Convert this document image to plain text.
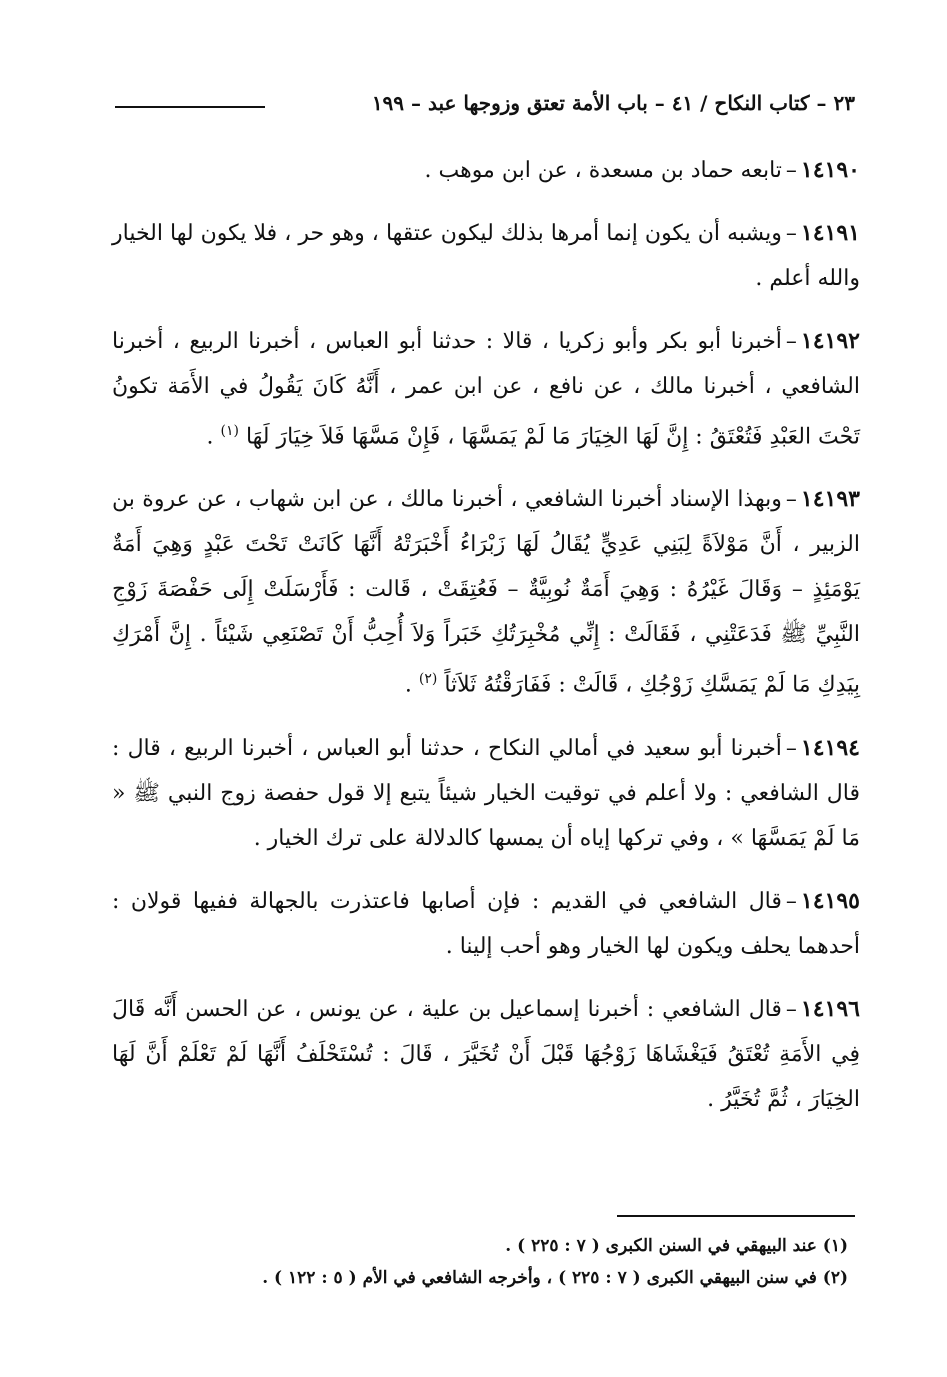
٢٣ – كتاب النكاح / ٤١ – باب الأمة تعتق وزوجها عبد – ١٩٩

١٤١٩٠–تابعه حماد بن مسعدة ، عن ابن موهب .

١٤١٩١–ويشبه أن يكون إنما أمرها بذلك ليكون عتقها ، وهو حر ، فلا يكون لها الخيار والله أعلم .

١٤١٩٢–أخبرنا أبو بكر وأبو زكريا ، قالا : حدثنا أبو العباس ، أخبرنا الربيع ، أخبرنا الشافعي ، أخبرنا مالك ، عن نافع ، عن ابن عمر ، أَنَّهُ كَانَ يَقُولُ في الأَمَة تكونُ تَحْتَ العَبْدِ فَتُعْتَقُ : إِنَّ لَهَا الخِيَارَ مَا لَمْ يَمَسَّهَا ، فَإِنْ مَسَّهَا فَلاَ خِيَارَ لَهَا $^{(١)}$ .

١٤١٩٣–وبهذا الإسناد أخبرنا الشافعي ، أخبرنا مالك ، عن ابن شهاب ، عن عروة بن الزبير ، أَنَّ مَوْلاَةً لِبَنِي عَدِيٍّ يُقَالُ لَهَا زَبْرَاءُ أَخْبَرَتْهُ أَنَّهَا كَانَتْ تَحْتَ عَبْدٍ وَهِيَ أَمَةٌ يَوْمَئِذٍ – وَقَالَ غَيْرُهُ : وَهِيَ أَمَةٌ نُوبِيَّةٌ – فَعُتِقَتْ ، قَالت : فَأَرْسَلَتْ إِلَى حَفْصَةَ زَوْجِ النَّبِيِّ ﷺ فَدَعَتْنِي ، فَقَالَتْ : إِنِّي مُخْبِرَتُكِ خَبَراً وَلاَ أُحِبُّ أَنْ تَصْنَعِي شَيْئاً . إِنَّ أَمْرَكِ بِيَدِكِ مَا لَمْ يَمَسَّكِ زَوْجُكِ ، قَالَتْ : فَفَارَقْتُهُ ثَلاَثاً $^{(٢)}$ .

١٤١٩٤–أخبرنا أبو سعيد في أمالي النكاح ، حدثنا أبو العباس ، أخبرنا الربيع ، قال : قال الشافعي : ولا أعلم في توقيت الخيار شيئاً يتبع إلا قول حفصة زوج النبي ﷺ « مَا لَمْ يَمَسَّهَا » ، وفي تركها إياه أن يمسها كالدلالة على ترك الخيار .

١٤١٩٥–قال الشافعي في القديم : فإن أصابها فاعتذرت بالجهالة ففيها قولان : أحدهما يحلف ويكون لها الخيار وهو أحب إلينا .

١٤١٩٦–قال الشافعي : أخبرنا إسماعيل بن علية ، عن يونس ، عن الحسن أَنَّه قَالَ فِي الأَمَةِ تُعْتَقُ فَيَغْشَاهَا زَوْجُهَا قَبْلَ أَنْ تُخَيَّرَ ، قَالَ : تُسْتَحْلَفُ أَنَّهَا لَمْ تَعْلَمْ أَنَّ لَهَا الخِيَارَ ، ثُمَّ تُخَيَّرُ .

(١) عند البيهقي في السنن الكبرى ( ٧ : ٢٢٥ ) .

(٢) في سنن البيهقي الكبرى ( ٧ : ٢٢٥ ) ، وأخرجه الشافعي في الأم ( ٥ : ١٢٢ ) .
